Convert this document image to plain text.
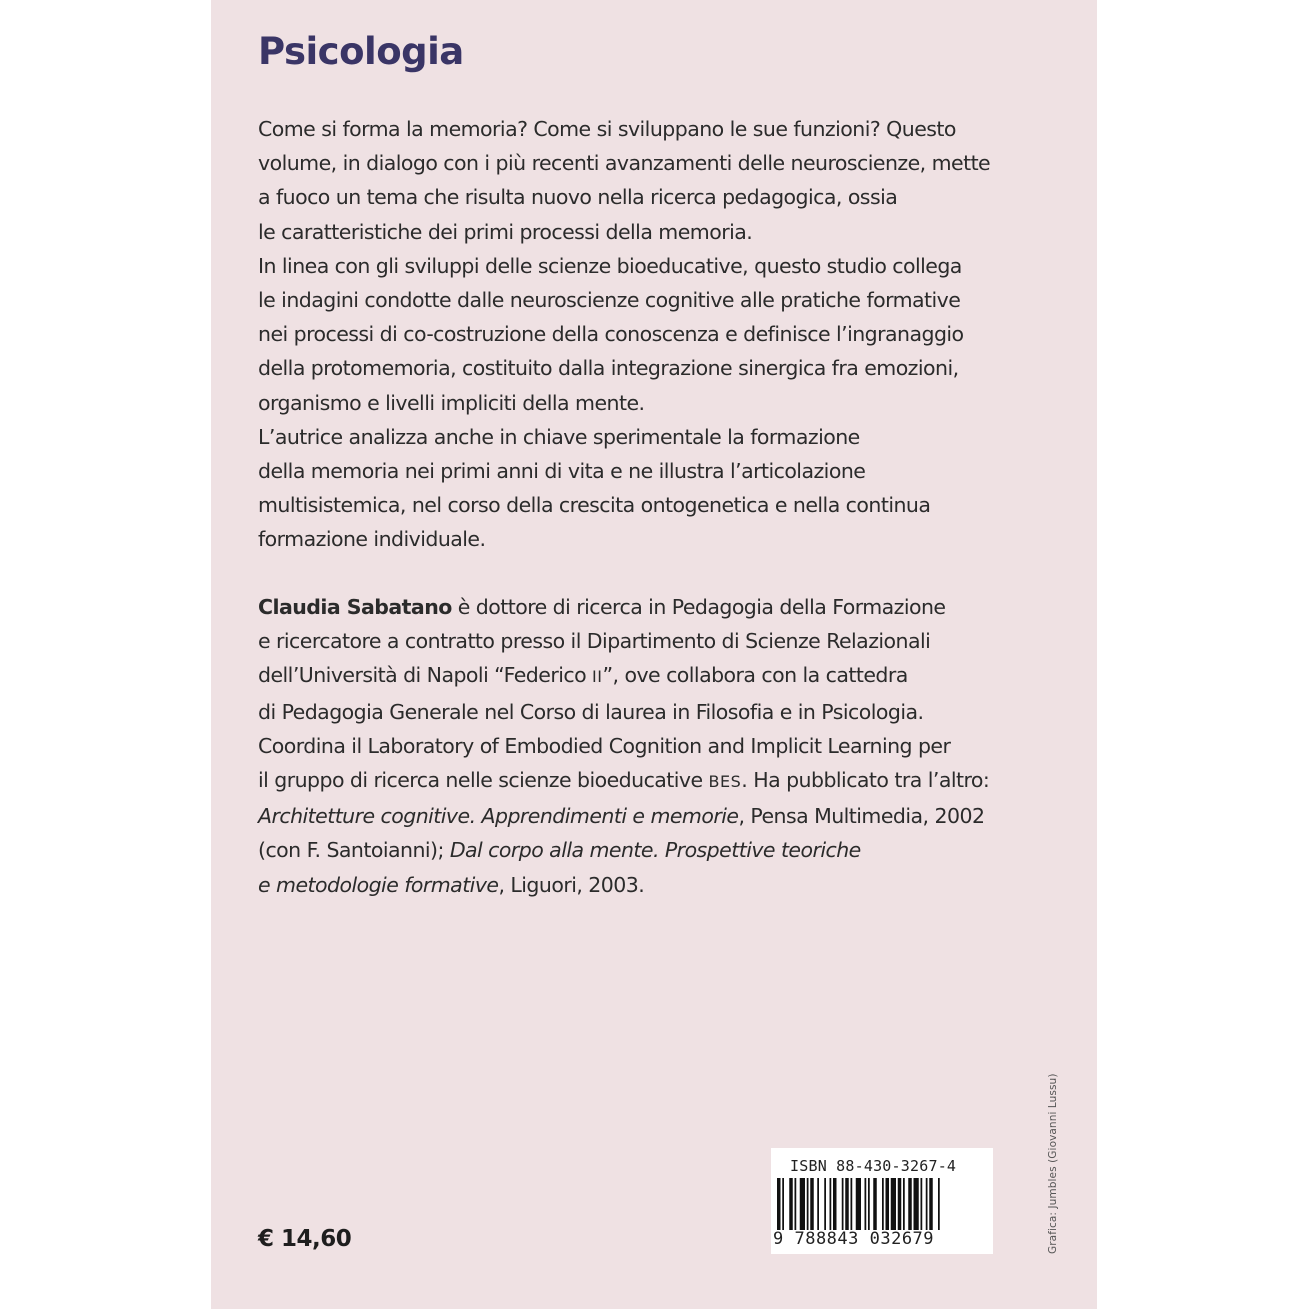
Psicologia
Come si forma la memoria? Come si sviluppano le sue funzioni? Questo
volume, in dialogo con i più recenti avanzamenti delle neuroscienze, mette
a fuoco un tema che risulta nuovo nella ricerca pedagogica, ossia
le caratteristiche dei primi processi della memoria.
In linea con gli sviluppi delle scienze bioeducative, questo studio collega
le indagini condotte dalle neuroscienze cognitive alle pratiche formative
nei processi di co-costruzione della conoscenza e definisce l’ingranaggio
della protomemoria, costituito dalla integrazione sinergica fra emozioni,
organismo e livelli impliciti della mente.
L’autrice analizza anche in chiave sperimentale la formazione
della memoria nei primi anni di vita e ne illustra l’articolazione
multisistemica, nel corso della crescita ontogenetica e nella continua
formazione individuale.
Claudia Sabatano è dottore di ricerca in Pedagogia della Formazione
e ricercatore a contratto presso il Dipartimento di Scienze Relazionali
dell’Università di Napoli “Federico II”, ove collabora con la cattedra
di Pedagogia Generale nel Corso di laurea in Filosofia e in Psicologia.
Coordina il Laboratory of Embodied Cognition and Implicit Learning per
il gruppo di ricerca nelle scienze bioeducative BES. Ha pubblicato tra l’altro:
Architetture cognitive. Apprendimenti e memorie, Pensa Multimedia, 2002
(con F. Santoianni); Dal corpo alla mente. Prospettive teoriche
e metodologie formative, Liguori, 2003.
€ 14,60
ISBN 88-430-3267-4
9 788843 032679	Grafica: Jumbles (Giovanni Lussu)
